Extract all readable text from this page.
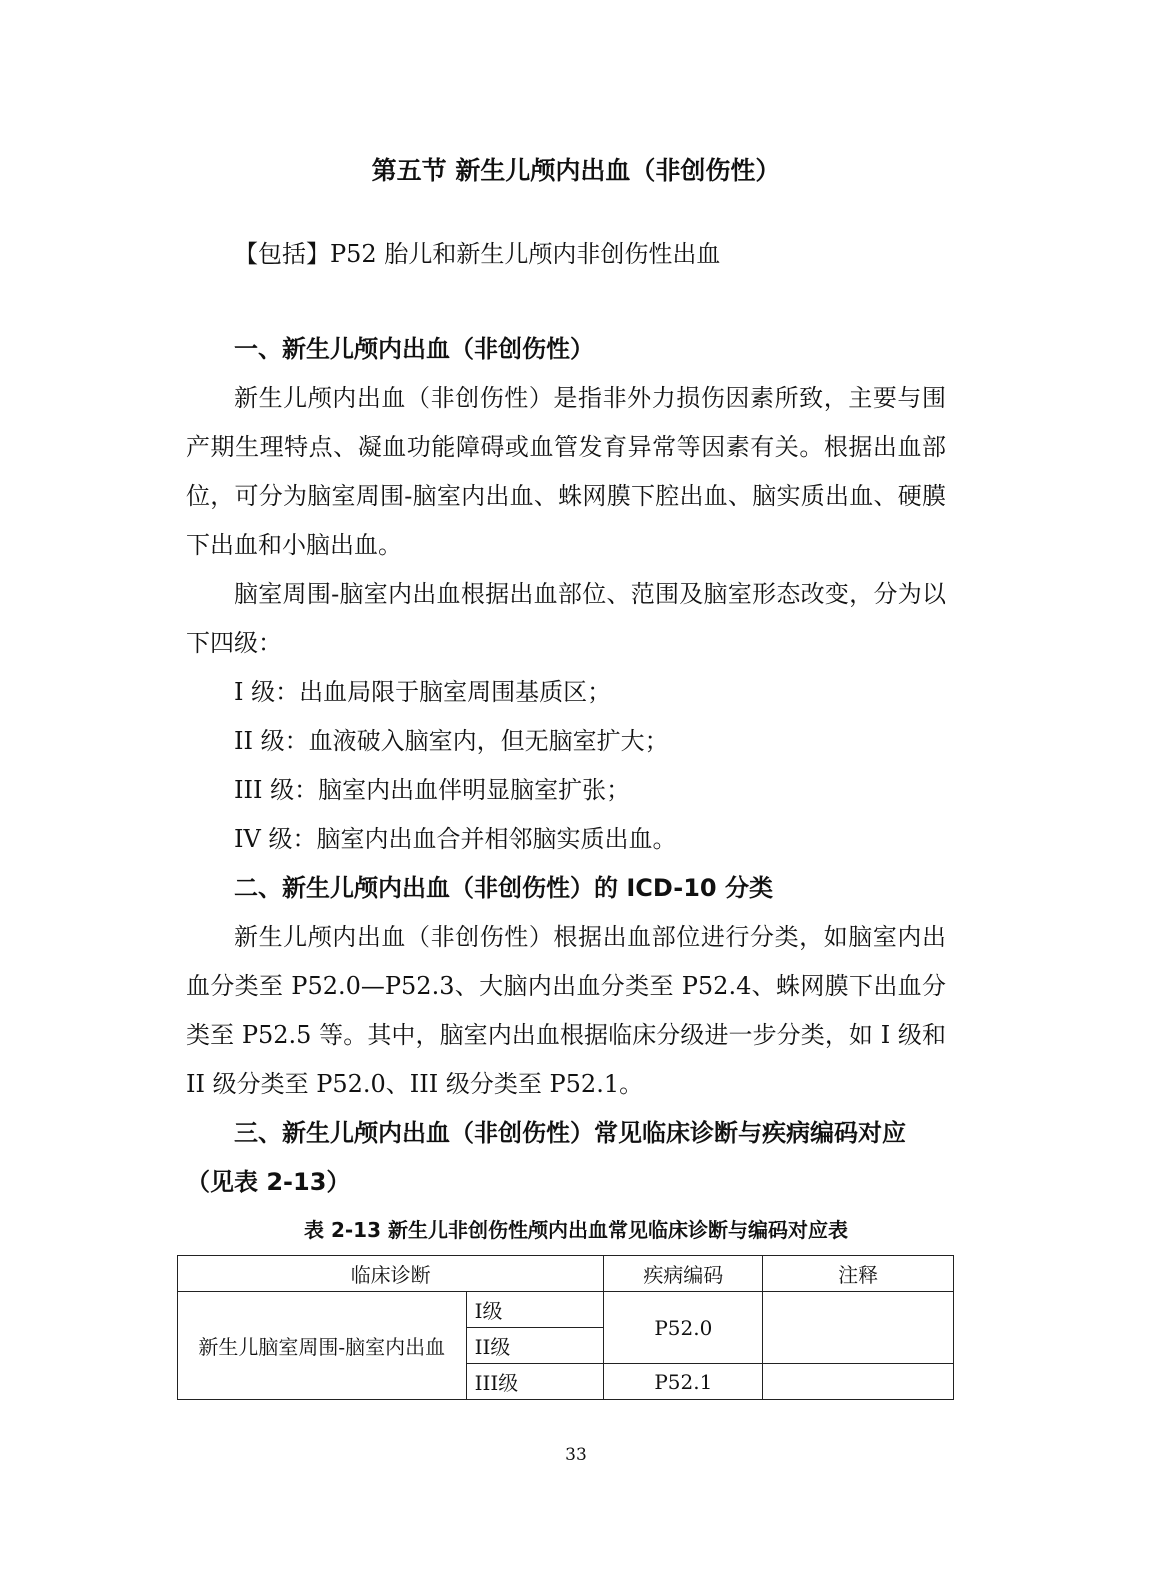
第五节 新生儿颅内出血（非创伤性）
【包括】P52 胎儿和新生儿颅内非创伤性出血

一、新生儿颅内出血（非创伤性）

新生儿颅内出血（非创伤性）是指非外力损伤因素所致，主要与围产期生理特点、凝血功能障碍或血管发育异常等因素有关。根据出血部位，可分为脑室周围-脑室内出血、蛛网膜下腔出血、脑实质出血、硬膜下出血和小脑出血。

脑室周围-脑室内出血根据出血部位、范围及脑室形态改变，分为以下四级：

I 级：出血局限于脑室周围基质区；

II 级：血液破入脑室内，但无脑室扩大；

III 级：脑室内出血伴明显脑室扩张；

IV 级：脑室内出血合并相邻脑实质出血。

二、新生儿颅内出血（非创伤性）的 ICD-10 分类

新生儿颅内出血（非创伤性）根据出血部位进行分类，如脑室内出血分类至 P52.0—P52.3、大脑内出血分类至 P52.4、蛛网膜下出血分类至 P52.5 等。其中，脑室内出血根据临床分级进一步分类，如 I 级和 II 级分类至 P52.0、III 级分类至 P52.1。

三、新生儿颅内出血（非创伤性）常见临床诊断与疾病编码对应（见表 2-13）

表 2-13 新生儿非创伤性颅内出血常见临床诊断与编码对应表
临床诊断		疾病编码	注释
新生儿脑室周围-脑室内出血	I级	P52.0	
	II级		
	III级	P52.1	
33
